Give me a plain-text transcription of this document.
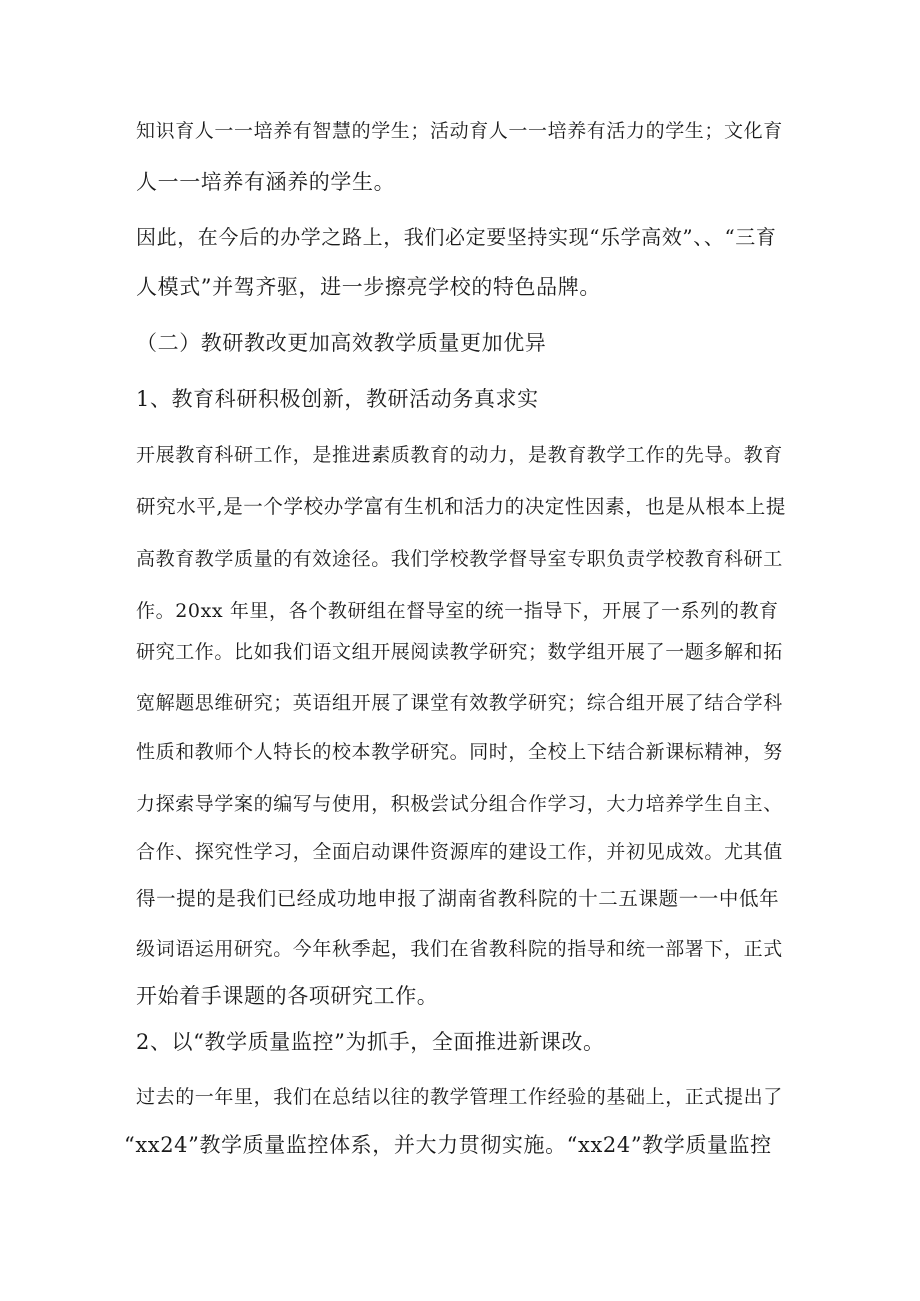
知识育人一一培养有智慧的学生；活动育人一一培养有活力的学生；文化育

人一一培养有涵养的学生。

因此，在今后的办学之路上，我们必定要坚持实现“乐学高效”、、“三育

人模式”并驾齐驱，进一步擦亮学校的特色品牌。

（二）教研教改更加高效教学质量更加优异

1、教育科研积极创新，教研活动务真求实

开展教育科研工作，是推进素质教育的动力，是教育教学工作的先导。教育

研究水平,是一个学校办学富有生机和活力的决定性因素，也是从根本上提

高教育教学质量的有效途径。我们学校教学督导室专职负责学校教育科研工

作。20xx 年里，各个教研组在督导室的统一指导下，开展了一系列的教育

研究工作。比如我们语文组开展阅读教学研究；数学组开展了一题多解和拓

宽解题思维研究；英语组开展了课堂有效教学研究；综合组开展了结合学科

性质和教师个人特长的校本教学研究。同时，全校上下结合新课标精神，努

力探索导学案的编写与使用，积极尝试分组合作学习，大力培养学生自主、

合作、探究性学习，全面启动课件资源库的建设工作，并初见成效。尤其值

得一提的是我们已经成功地申报了湖南省教科院的十二五课题一一中低年

级词语运用研究。今年秋季起，我们在省教科院的指导和统一部署下，正式

开始着手课题的各项研究工作。

2、以“教学质量监控”为抓手，全面推进新课改。

过去的一年里，我们在总结以往的教学管理工作经验的基础上，正式提出了

“xx24”教学质量监控体系，并大力贯彻实施。“xx24”教学质量监控
